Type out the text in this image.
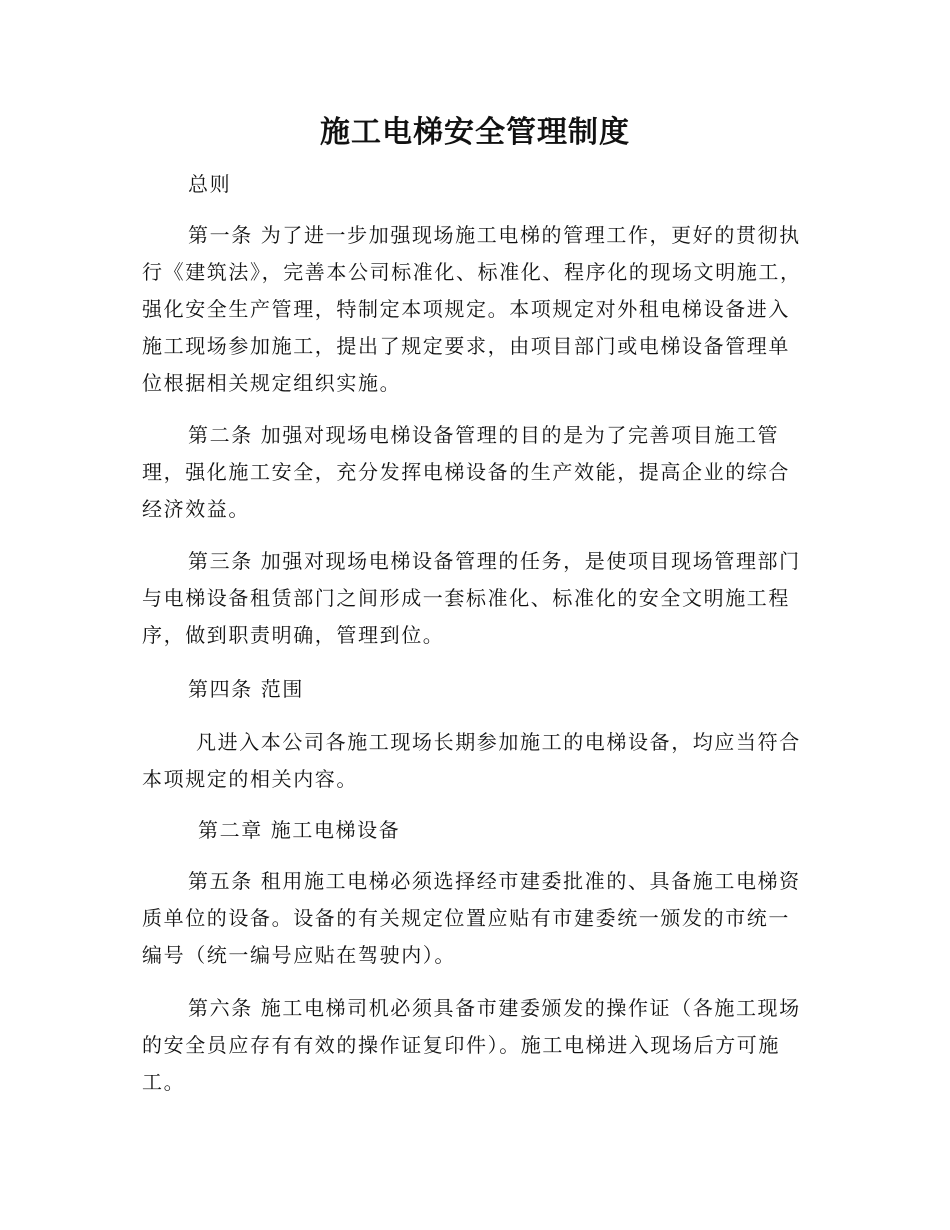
施工电梯安全管理制度

总则

第一条 为了进一步加强现场施工电梯的管理工作，更好的贯彻执行《建筑法》，完善本公司标准化、标准化、程序化的现场文明施工，强化安全生产管理，特制定本项规定。本项规定对外租电梯设备进入施工现场参加施工，提出了规定要求，由项目部门或电梯设备管理单位根据相关规定组织实施。

第二条 加强对现场电梯设备管理的目的是为了完善项目施工管理，强化施工安全，充分发挥电梯设备的生产效能，提高企业的综合经济效益。

第三条 加强对现场电梯设备管理的任务，是使项目现场管理部门与电梯设备租赁部门之间形成一套标准化、标准化的安全文明施工程序，做到职责明确，管理到位。

第四条 范围

凡进入本公司各施工现场长期参加施工的电梯设备，均应当符合本项规定的相关内容。

第二章 施工电梯设备

第五条 租用施工电梯必须选择经市建委批准的、具备施工电梯资质单位的设备。设备的有关规定位置应贴有市建委统一颁发的市统一编号（统一编号应贴在驾驶内）。

第六条 施工电梯司机必须具备市建委颁发的操作证（各施工现场的安全员应存有有效的操作证复印件）。施工电梯进入现场后方可施工。
